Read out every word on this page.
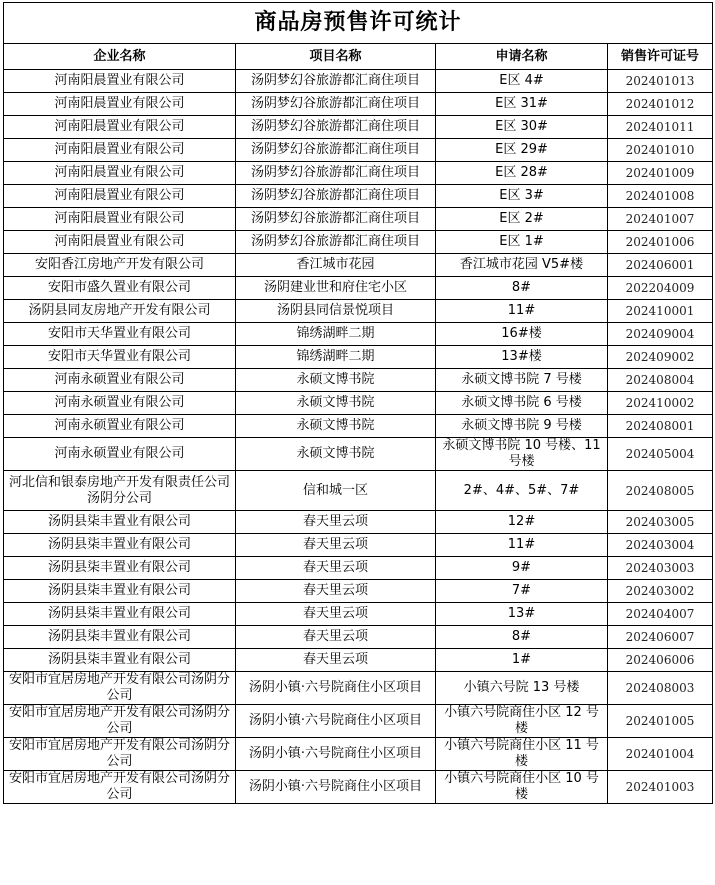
商品房预售许可统计			
企业名称	项目名称	申请名称	销售许可证号
河南阳晨置业有限公司	汤阴梦幻谷旅游都汇商住项目	E区 4#	202401013
河南阳晨置业有限公司	汤阴梦幻谷旅游都汇商住项目	E区 31#	202401012
河南阳晨置业有限公司	汤阴梦幻谷旅游都汇商住项目	E区 30#	202401011
河南阳晨置业有限公司	汤阴梦幻谷旅游都汇商住项目	E区 29#	202401010
河南阳晨置业有限公司	汤阴梦幻谷旅游都汇商住项目	E区 28#	202401009
河南阳晨置业有限公司	汤阴梦幻谷旅游都汇商住项目	E区 3#	202401008
河南阳晨置业有限公司	汤阴梦幻谷旅游都汇商住项目	E区 2#	202401007
河南阳晨置业有限公司	汤阴梦幻谷旅游都汇商住项目	E区 1#	202401006
安阳香江房地产开发有限公司	香江城市花园	香江城市花园 V5#楼	202406001
安阳市盛久置业有限公司	汤阴建业世和府住宅小区	8#	202204009
汤阴县同友房地产开发有限公司	汤阴县同信景悦项目	11#	202410001
安阳市天华置业有限公司	锦绣湖畔二期	16#楼	202409004
安阳市天华置业有限公司	锦绣湖畔二期	13#楼	202409002
河南永硕置业有限公司	永硕文博书院	永硕文博书院 7 号楼	202408004
河南永硕置业有限公司	永硕文博书院	永硕文博书院 6 号楼	202410002
河南永硕置业有限公司	永硕文博书院	永硕文博书院 9 号楼	202408001
河南永硕置业有限公司	永硕文博书院	永硕文博书院 10 号楼、11 号楼	202405004
河北信和银泰房地产开发有限责任公司汤阴分公司	信和城一区	2#、4#、5#、7#	202408005
汤阴县柒丰置业有限公司	春天里云项	12#	202403005
汤阴县柒丰置业有限公司	春天里云项	11#	202403004
汤阴县柒丰置业有限公司	春天里云项	9#	202403003
汤阴县柒丰置业有限公司	春天里云项	7#	202403002
汤阴县柒丰置业有限公司	春天里云项	13#	202404007
汤阴县柒丰置业有限公司	春天里云项	8#	202406007
汤阴县柒丰置业有限公司	春天里云项	1#	202406006
安阳市宜居房地产开发有限公司汤阴分公司	汤阴小镇·六号院商住小区项目	小镇六号院 13 号楼	202408003
安阳市宜居房地产开发有限公司汤阴分公司	汤阴小镇·六号院商住小区项目	小镇六号院商住小区 12 号楼	202401005
安阳市宜居房地产开发有限公司汤阴分公司	汤阴小镇·六号院商住小区项目	小镇六号院商住小区 11 号楼	202401004
安阳市宜居房地产开发有限公司汤阴分公司	汤阴小镇·六号院商住小区项目	小镇六号院商住小区 10 号楼	202401003
